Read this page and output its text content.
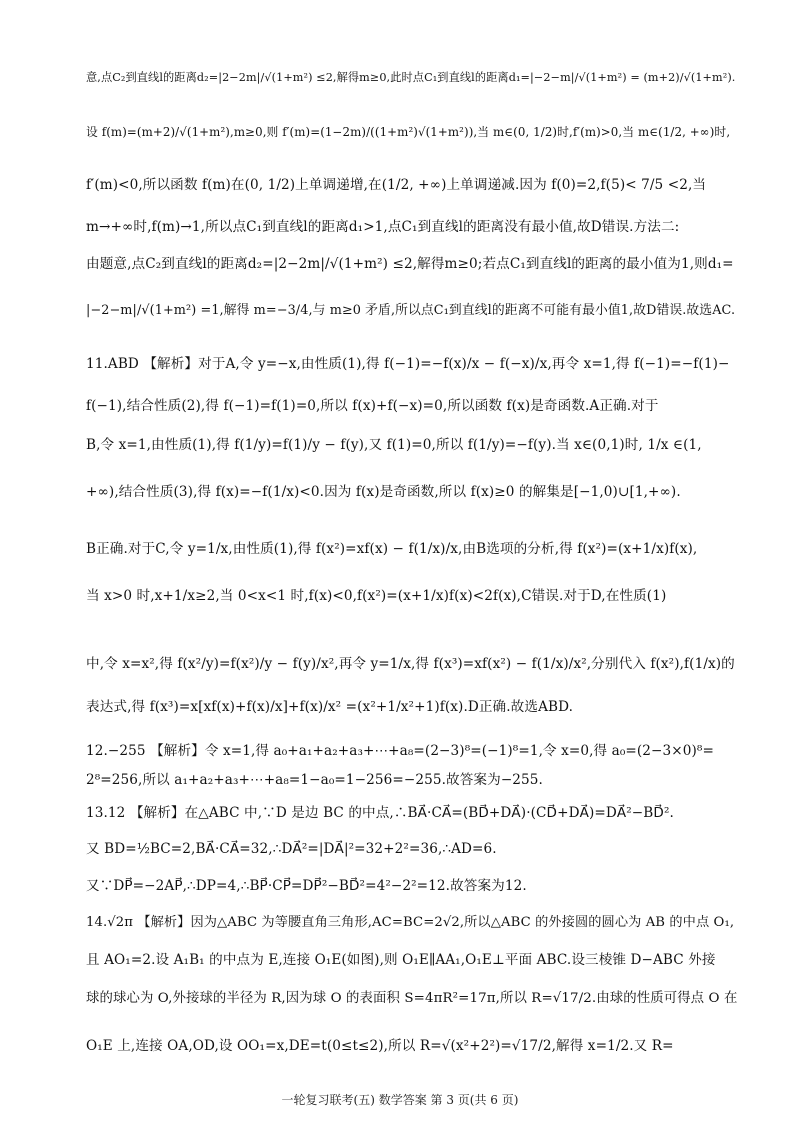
意,点C₂到直线l的距离d₂=|2−2m|/√(1+m²) ≤2,解得m≥0,此时点C₁到直线l的距离d₁=|−2−m|/√(1+m²) = (m+2)/√(1+m²).
设 f(m)=(m+2)/√(1+m²),m≥0,则 f′(m)=(1−2m)/((1+m²)√(1+m²)),当 m∈(0, 1/2)时,f′(m)>0,当 m∈(1/2, +∞)时,
f′(m)<0,所以函数 f(m)在(0, 1/2)上单调递增,在(1/2, +∞)上单调递减.因为 f(0)=2,f(5)< 7/5 <2,当
m→+∞时,f(m)→1,所以点C₁到直线l的距离d₁>1,点C₁到直线l的距离没有最小值,故D错误.方法二:
由题意,点C₂到直线l的距离d₂=|2−2m|/√(1+m²) ≤2,解得m≥0;若点C₁到直线l的距离的最小值为1,则d₁=
|−2−m|/√(1+m²) =1,解得 m=−3/4,与 m≥0 矛盾,所以点C₁到直线l的距离不可能有最小值1,故D错误.故选AC.
11.ABD 【解析】对于A,令 y=−x,由性质(1),得 f(−1)=−f(x)/x − f(−x)/x,再令 x=1,得 f(−1)=−f(1)−
f(−1),结合性质(2),得 f(−1)=f(1)=0,所以 f(x)+f(−x)=0,所以函数 f(x)是奇函数.A正确.对于
B,令 x=1,由性质(1),得 f(1/y)=f(1)/y − f(y),又 f(1)=0,所以 f(1/y)=−f(y).当 x∈(0,1)时, 1/x ∈(1,
+∞),结合性质(3),得 f(x)=−f(1/x)<0.因为 f(x)是奇函数,所以 f(x)≥0 的解集是[−1,0)∪[1,+∞).
B正确.对于C,令 y=1/x,由性质(1),得 f(x²)=xf(x) − f(1/x)/x,由B选项的分析,得 f(x²)=(x+1/x)f(x),
当 x>0 时,x+1/x≥2,当 0<x<1 时,f(x)<0,f(x²)=(x+1/x)f(x)<2f(x),C错误.对于D,在性质(1)
中,令 x=x²,得 f(x²/y)=f(x²)/y − f(y)/x²,再令 y=1/x,得 f(x³)=xf(x²) − f(1/x)/x²,分别代入 f(x²),f(1/x)的
表达式,得 f(x³)=x[xf(x)+f(x)/x]+f(x)/x² =(x²+1/x²+1)f(x).D正确.故选ABD.
12.−255 【解析】令 x=1,得 a₀+a₁+a₂+a₃+⋯+a₈=(2−3)⁸=(−1)⁸=1,令 x=0,得 a₀=(2−3×0)⁸=
2⁸=256,所以 a₁+a₂+a₃+⋯+a₈=1−a₀=1−256=−255.故答案为−255.
13.12 【解析】在△ABC 中,∵D 是边 BC 的中点,∴BA⃗·CA⃗=(BD⃗+DA⃗)·(CD⃗+DA⃗)=DA⃗²−BD⃗².
又 BD=½BC=2,BA⃗·CA⃗=32,∴DA⃗²=|DA⃗|²=32+2²=36,∴AD=6.
又∵DP⃗=−2AP⃗,∴DP=4,∴BP⃗·CP⃗=DP⃗²−BD⃗²=4²−2²=12.故答案为12.
14.√2π 【解析】因为△ABC 为等腰直角三角形,AC=BC=2√2,所以△ABC 的外接圆的圆心为 AB 的中点 O₁,
且 AO₁=2.设 A₁B₁ 的中点为 E,连接 O₁E(如图),则 O₁E∥AA₁,O₁E⊥平面 ABC.设三棱锥 D−ABC 外接
球的球心为 O,外接球的半径为 R,因为球 O 的表面积 S=4πR²=17π,所以 R=√17/2.由球的性质可得点 O 在
O₁E 上,连接 OA,OD,设 OO₁=x,DE=t(0≤t≤2),所以 R=√(x²+2²)=√17/2,解得 x=1/2.又 R=
一轮复习联考(五) 数学答案 第 3 页(共 6 页)
